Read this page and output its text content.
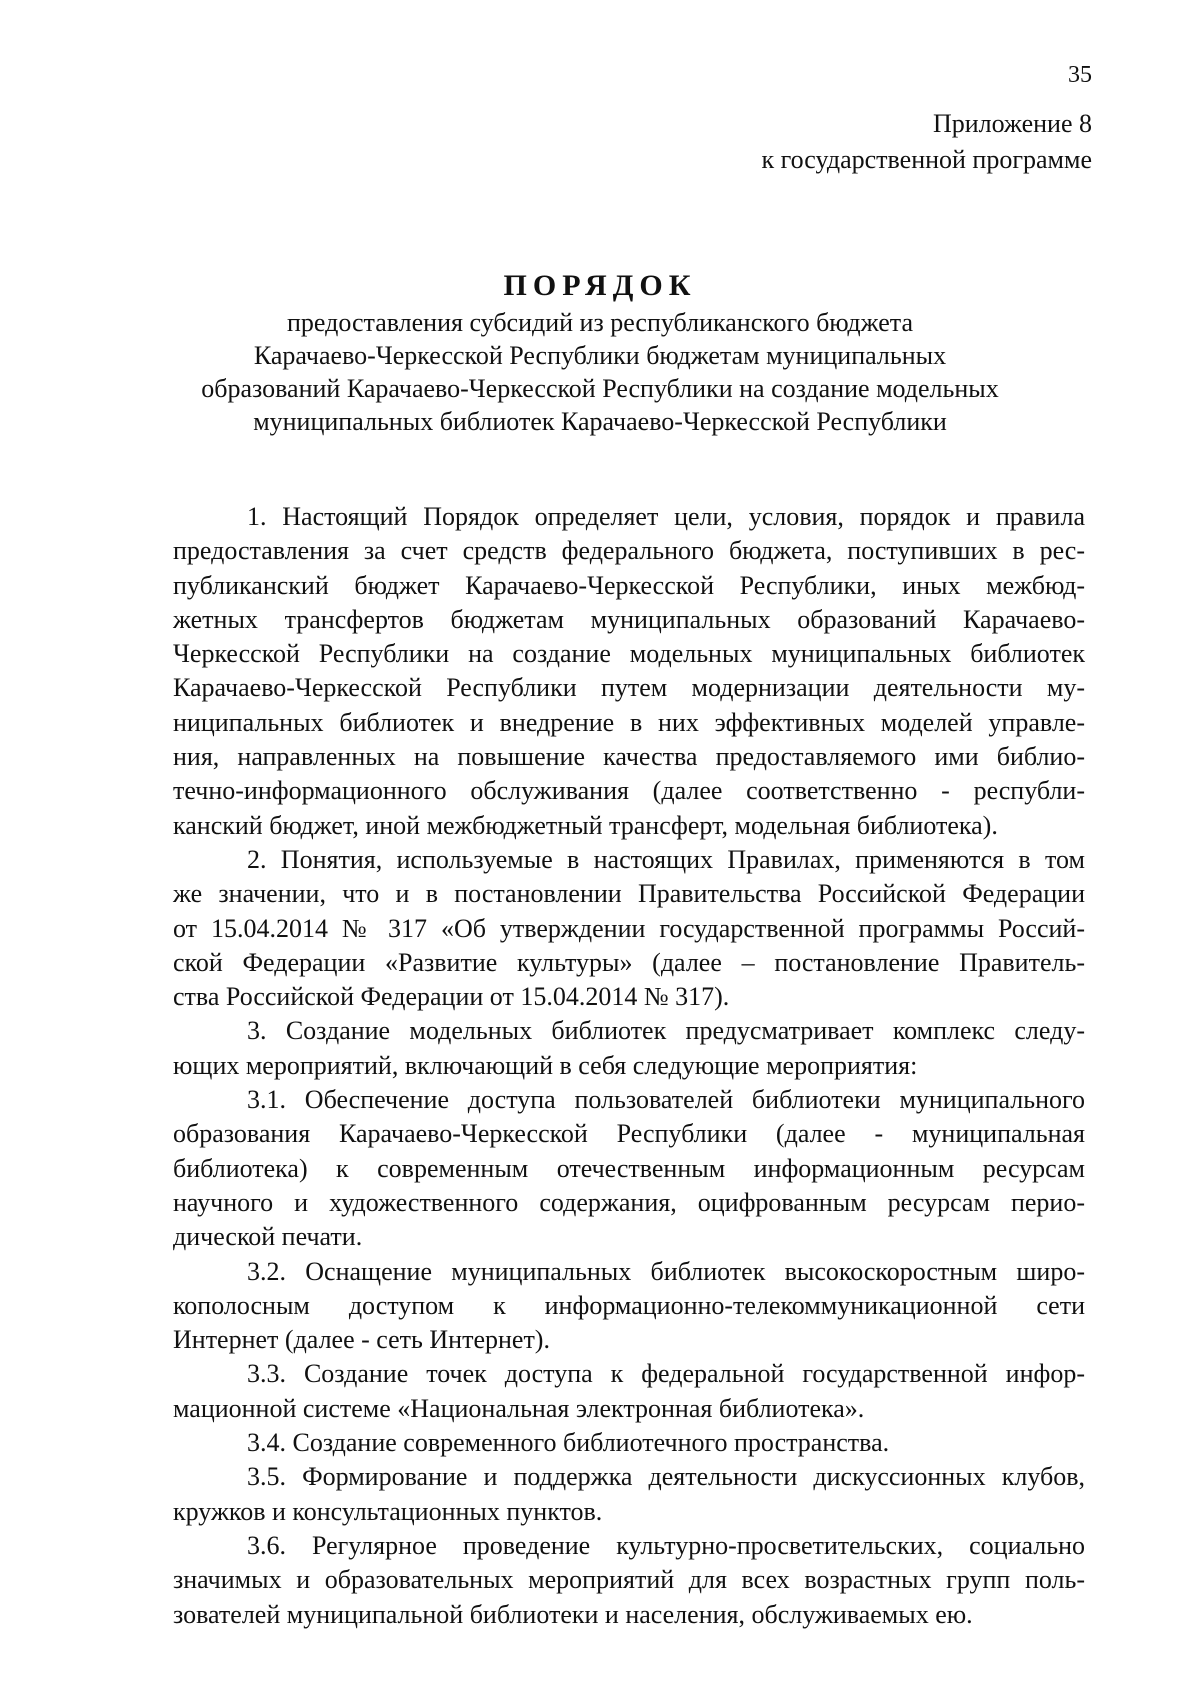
35
Приложение 8
к государственной программе
ПОРЯДОК
предоставления субсидий из республиканского бюджета
Карачаево-Черкесской Республики бюджетам муниципальных
образований Карачаево-Черкесской Республики на создание модельных
муниципальных библиотек Карачаево-Черкесской Республики
1. Настоящий Порядок определяет цели, условия, порядок и правила
предоставления за счет средств федерального бюджета, поступивших в рес-
публиканский бюджет Карачаево-Черкесской Республики, иных межбюд-
жетных трансфертов бюджетам муниципальных образований Карачаево-
Черкесской Республики на создание модельных муниципальных библиотек
Карачаево-Черкесской Республики путем модернизации деятельности му-
ниципальных библиотек и внедрение в них эффективных моделей управле-
ния, направленных на повышение качества предоставляемого ими библио-
течно-информационного обслуживания (далее соответственно - республи-
канский бюджет, иной межбюджетный трансферт, модельная библиотека).
2. Понятия, используемые в настоящих Правилах, применяются в том
же значении, что и в постановлении Правительства Российской Федерации
от 15.04.2014 № 317 «Об утверждении государственной программы Россий-
ской Федерации «Развитие культуры» (далее – постановление Правитель-
ства Российской Федерации от 15.04.2014 № 317).
3. Создание модельных библиотек предусматривает комплекс следу-
ющих мероприятий, включающий в себя следующие мероприятия:
3.1. Обеспечение доступа пользователей библиотеки муниципального
образования Карачаево-Черкесской Республики (далее - муниципальная
библиотека) к современным отечественным информационным ресурсам
научного и художественного содержания, оцифрованным ресурсам перио-
дической печати.
3.2. Оснащение муниципальных библиотек высокоскоростным широ-
кополосным доступом к информационно-телекоммуникационной сети
Интернет (далее - сеть Интернет).
3.3. Создание точек доступа к федеральной государственной инфор-
мационной системе «Национальная электронная библиотека».
3.4. Создание современного библиотечного пространства.
3.5. Формирование и поддержка деятельности дискуссионных клубов,
кружков и консультационных пунктов.
3.6. Регулярное проведение культурно-просветительских, социально
значимых и образовательных мероприятий для всех возрастных групп поль-
зователей муниципальной библиотеки и населения, обслуживаемых ею.
